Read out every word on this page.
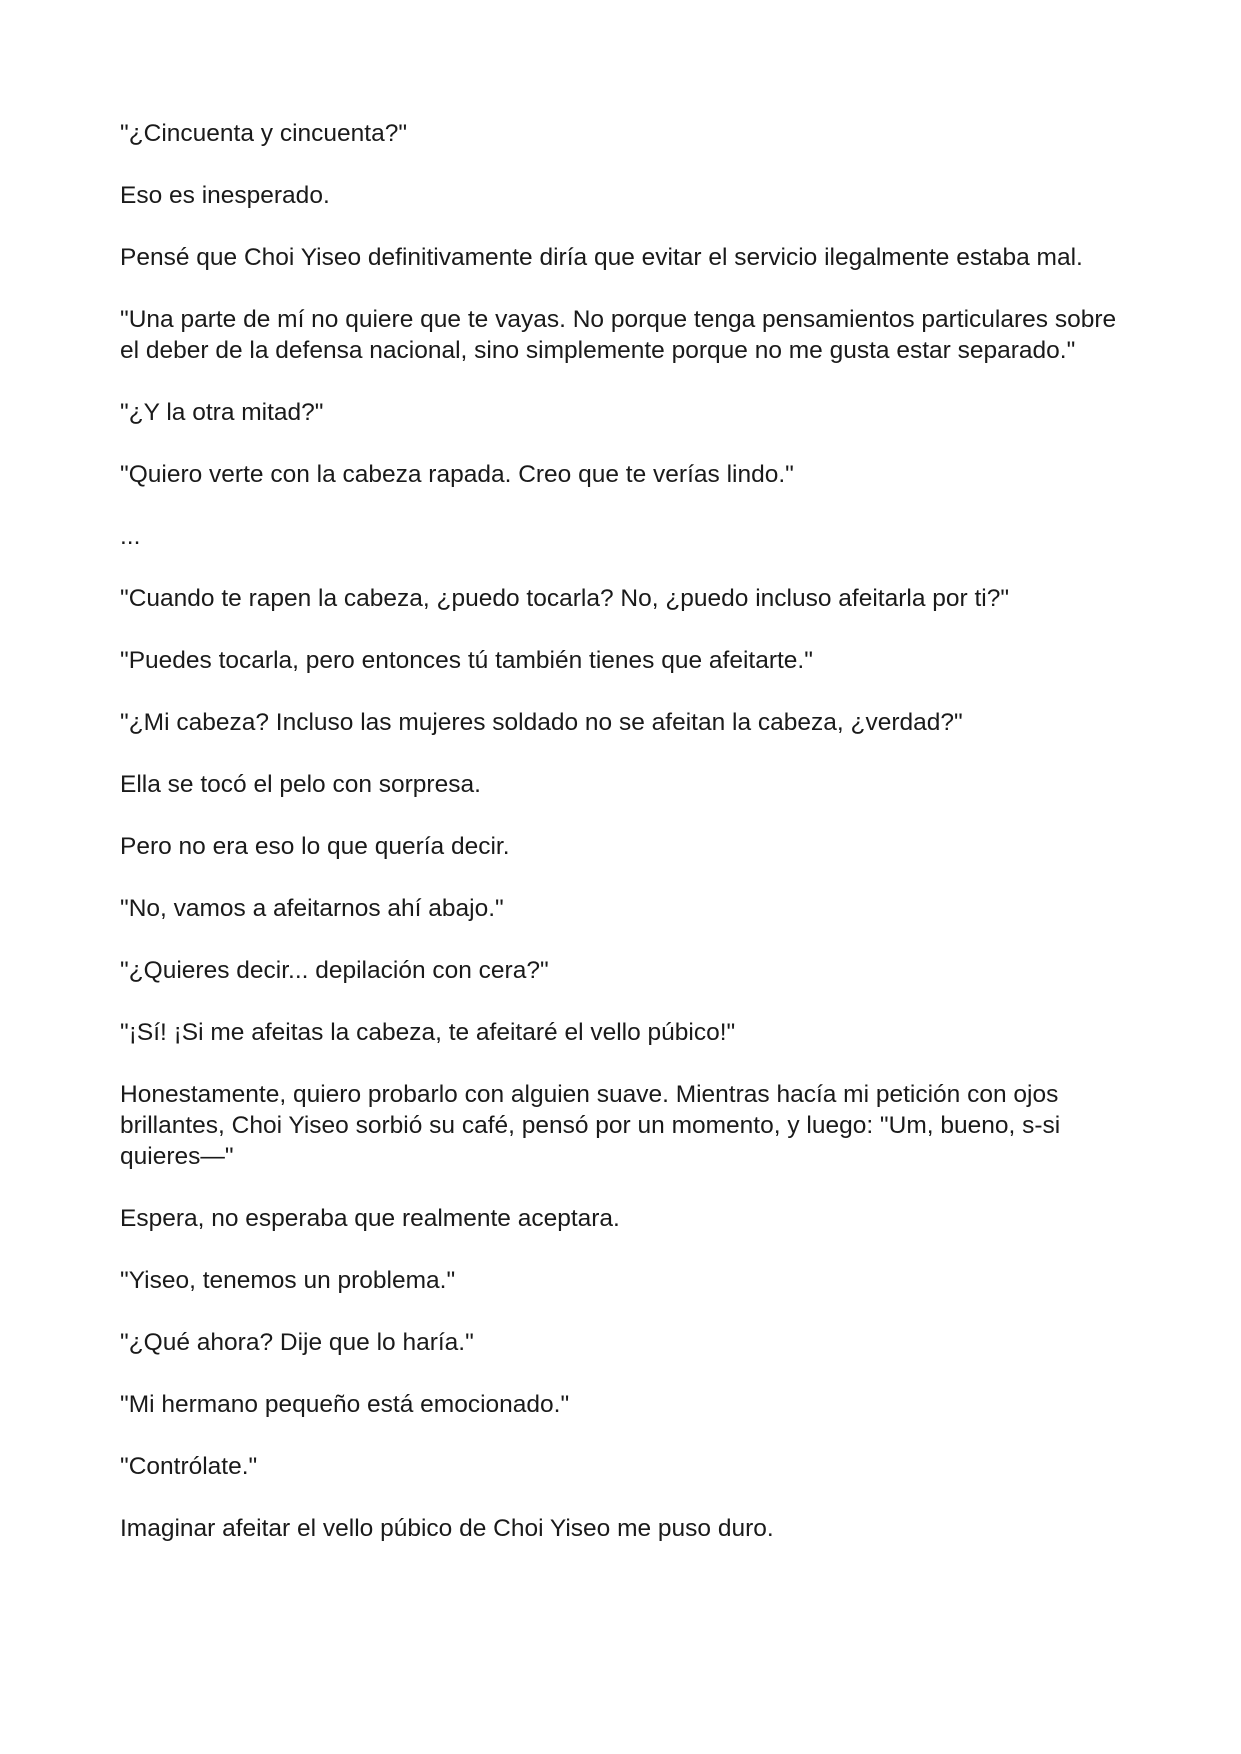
"¿Cincuenta y cincuenta?"

Eso es inesperado.

Pensé que Choi Yiseo definitivamente diría que evitar el servicio ilegalmente estaba mal.

"Una parte de mí no quiere que te vayas. No porque tenga pensamientos particulares sobre el deber de la defensa nacional, sino simplemente porque no me gusta estar separado."

"¿Y la otra mitad?"

"Quiero verte con la cabeza rapada. Creo que te verías lindo."

...

"Cuando te rapen la cabeza, ¿puedo tocarla? No, ¿puedo incluso afeitarla por ti?"

"Puedes tocarla, pero entonces tú también tienes que afeitarte."

"¿Mi cabeza? Incluso las mujeres soldado no se afeitan la cabeza, ¿verdad?"

Ella se tocó el pelo con sorpresa.

Pero no era eso lo que quería decir.

"No, vamos a afeitarnos ahí abajo."

"¿Quieres decir... depilación con cera?"

"¡Sí! ¡Si me afeitas la cabeza, te afeitaré el vello púbico!"

Honestamente, quiero probarlo con alguien suave. Mientras hacía mi petición con ojos brillantes, Choi Yiseo sorbió su café, pensó por un momento, y luego: "Um, bueno, s-si quieres—"

Espera, no esperaba que realmente aceptara.

"Yiseo, tenemos un problema."

"¿Qué ahora? Dije que lo haría."

"Mi hermano pequeño está emocionado."

"Contrólate."

Imaginar afeitar el vello púbico de Choi Yiseo me puso duro.
